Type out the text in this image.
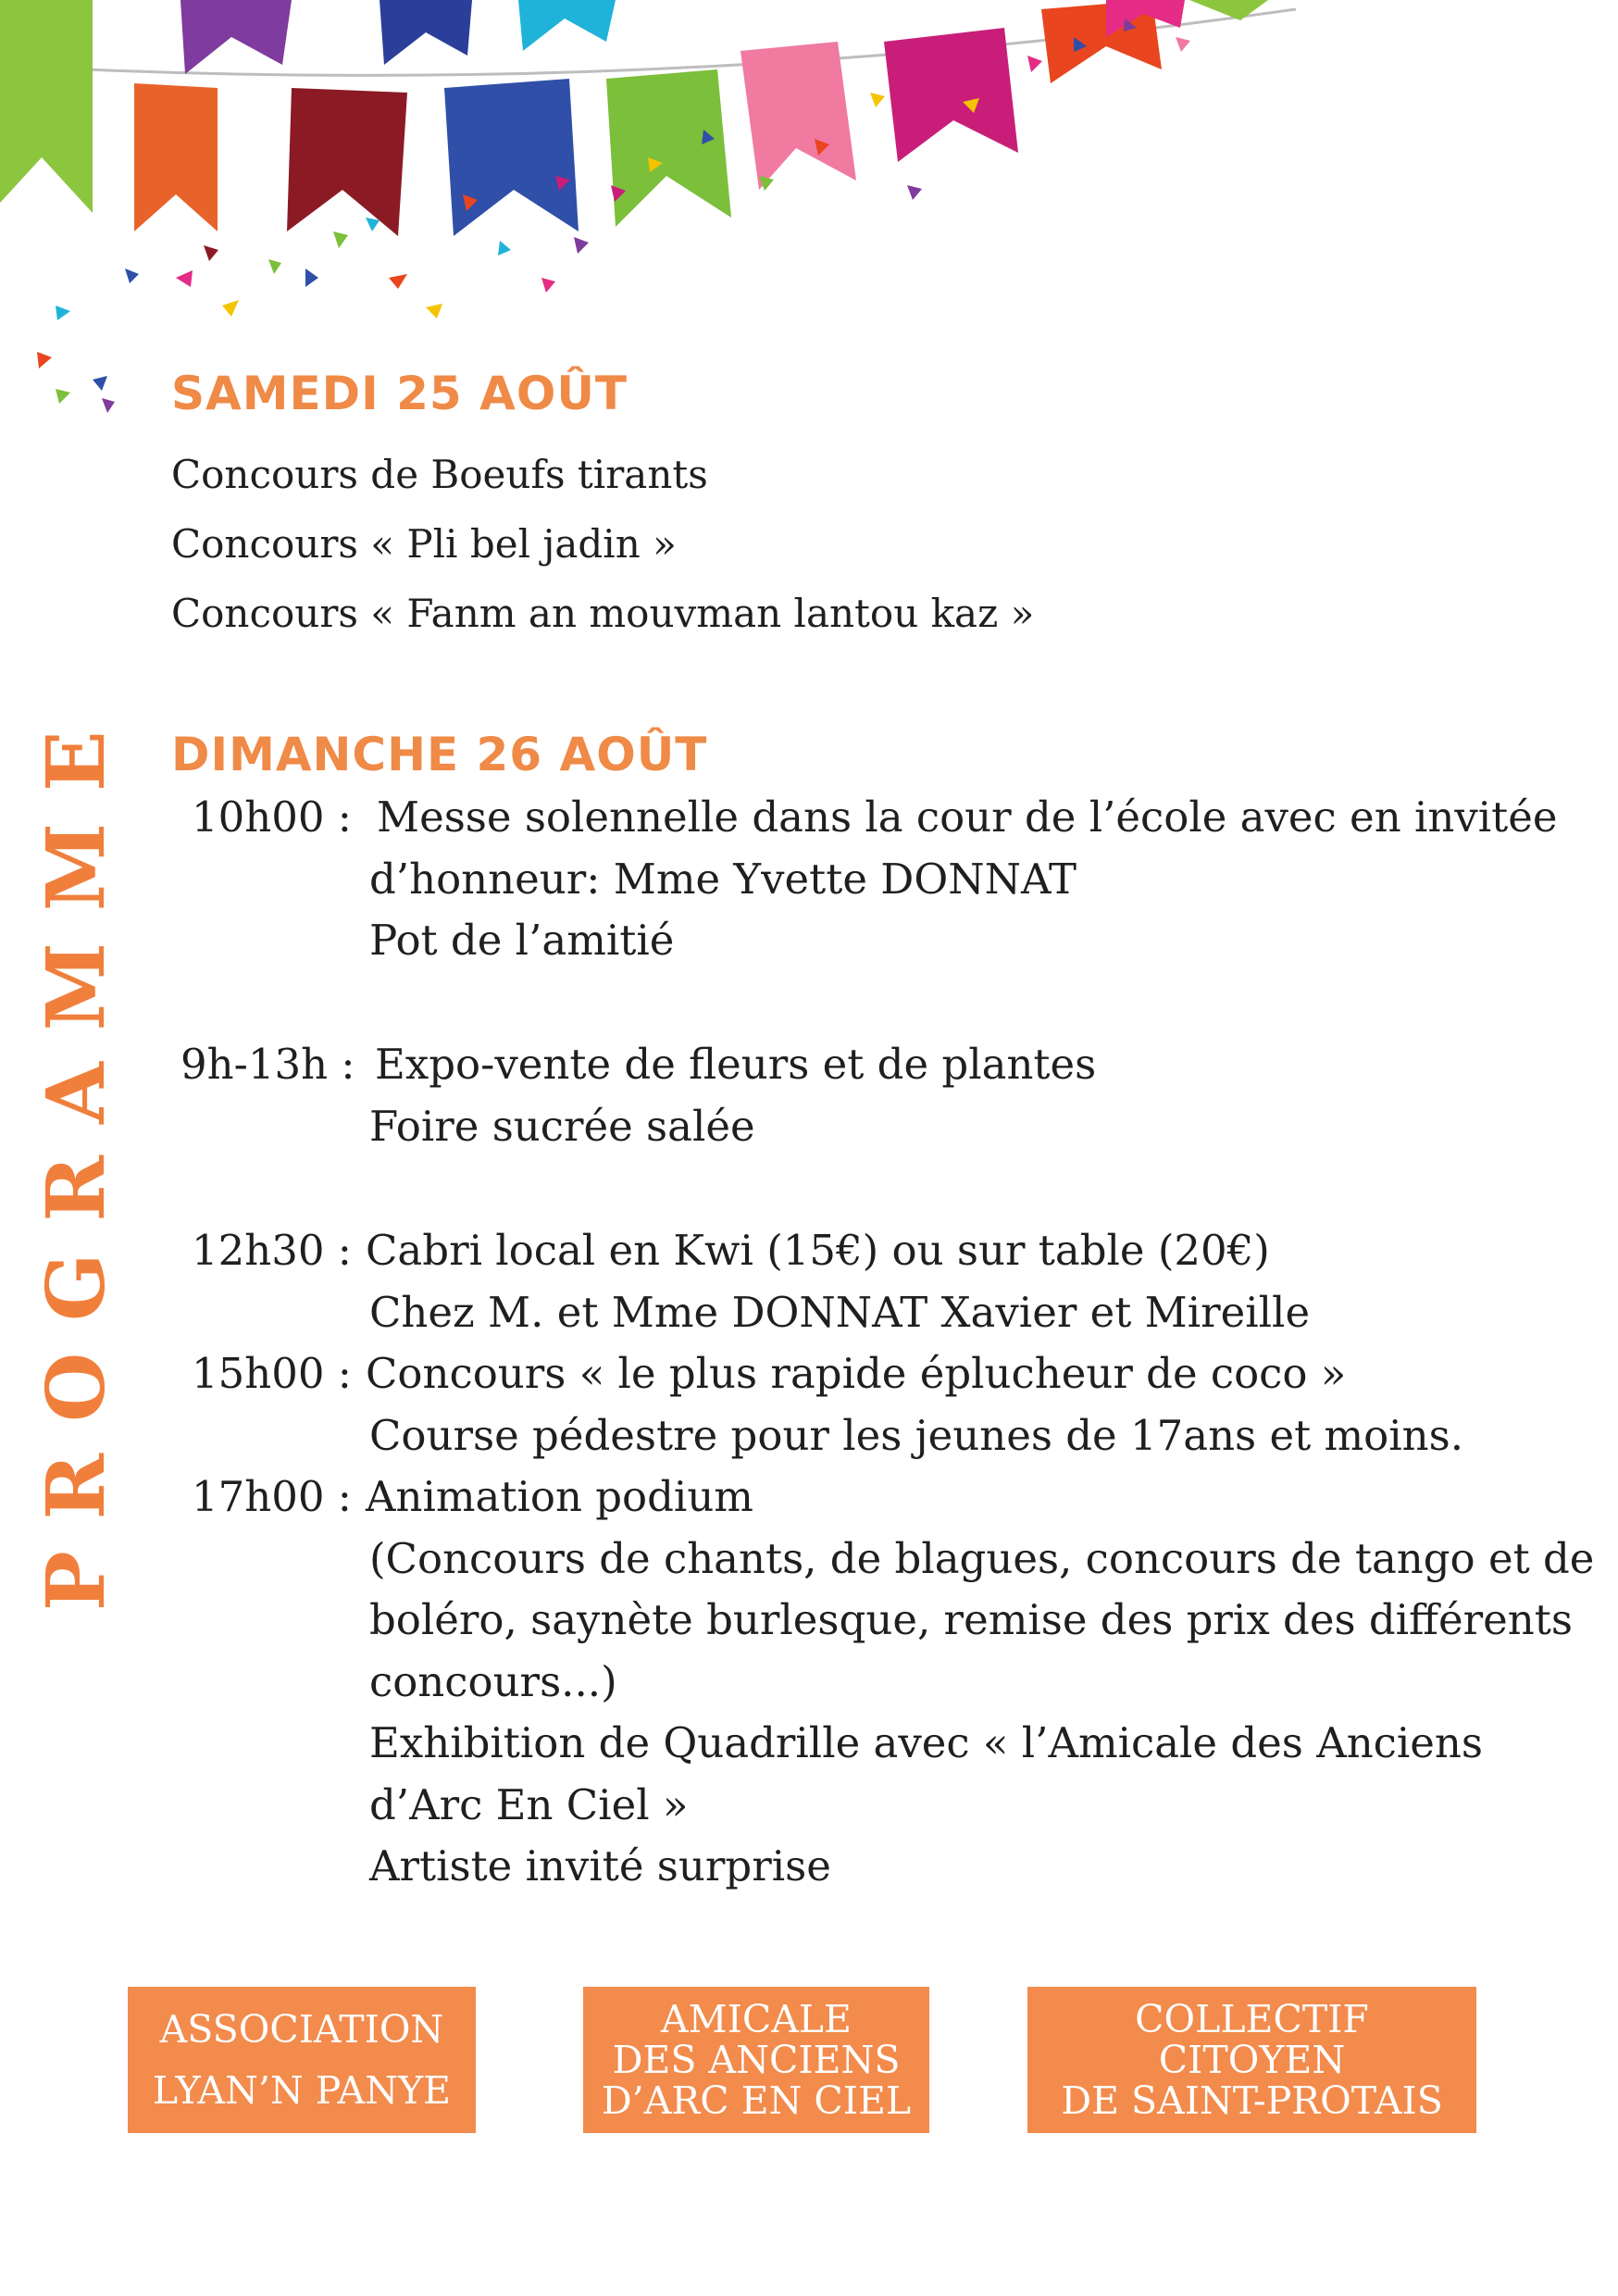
PROGRAMME
SAMEDI 25 AOÛT
Concours de Boeufs tirants
Concours « Pli bel jadin »
Concours « Fanm an mouvman lantou kaz »
DIMANCHE 26 AOÛT
10h00 : Messe solennelle dans la cour de l’école avec en invitée
d’honneur: Mme Yvette DONNAT
Pot de l’amitié
9h-13h : Expo-vente de fleurs et de plantes
Foire sucrée salée
12h30 : Cabri local en Kwi (15€) ou sur table (20€)
Chez M. et Mme DONNAT Xavier et Mireille
15h00 : Concours « le plus rapide éplucheur de coco »
Course pédestre pour les jeunes de 17ans et moins.
17h00 : Animation podium
(Concours de chants, de blagues, concours de tango et de
boléro, saynète burlesque, remise des prix des différents
concours...)
Exhibition de Quadrille avec « l’Amicale des Anciens
d’Arc En Ciel »
Artiste invité surprise
ASSOCIATION
LYAN’N PANYE
AMICALE
DES ANCIENS
D’ARC EN CIEL
COLLECTIF
CITOYEN
DE SAINT-PROTAIS
